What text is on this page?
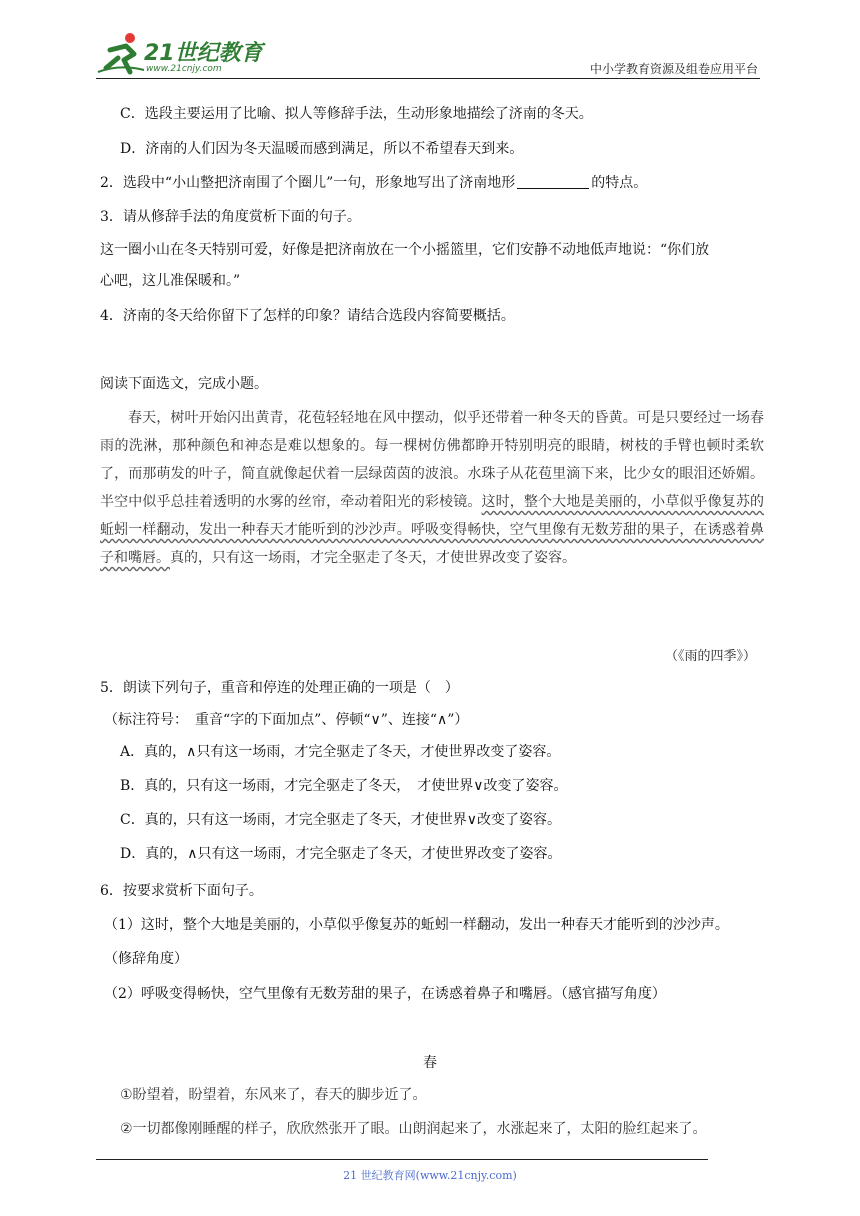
21世纪教育
www.21cnjy.com	中小学教育资源及组卷应用平台
C．选段主要运用了比喻、拟人等修辞手法，生动形象地描绘了济南的冬天。
D．济南的人们因为冬天温暖而感到满足，所以不希望春天到来。
2．选段中“小山整把济南围了个圈儿”一句，形象地写出了济南地形	的特点。
3．请从修辞手法的角度赏析下面的句子。
这一圈小山在冬天特别可爱，好像是把济南放在一个小摇篮里，它们安静不动地低声地说：“你们放
心吧，这儿准保暖和。”
4．济南的冬天给你留下了怎样的印象？请结合选段内容简要概括。
阅读下面选文，完成小题。

春天，树叶开始闪出黄青，花苞轻轻地在风中摆动，似乎还带着一种冬天的昏黄。可是只要经过一场春雨的洗淋，那种颜色和神态是难以想象的。每一棵树仿佛都睁开特别明亮的眼睛，树枝的手臂也顿时柔软了，而那萌发的叶子，简直就像起伏着一层绿茵茵的波浪。水珠子从花苞里滴下来，比少女的眼泪还娇媚。半空中似乎总挂着透明的水雾的丝帘，牵动着阳光的彩棱镜。这时，整个大地是美丽的，小草似乎像复苏的蚯蚓一样翻动，发出一种春天才能听到的沙沙声。呼吸变得畅快，空气里像有无数芳甜的果子，在诱惑着鼻子和嘴唇。真的，只有这一场雨，才完全驱走了冬天，才使世界改变了姿容。

（《雨的四季》）
5．朗读下列句子，重音和停连的处理正确的一项是（　）
（标注符号：　重音“字的下面加点”、停顿“∨”、连接“∧”）
A．真的，∧只有这一场雨，才完全驱走了冬天，才使世界改变了姿容。
B．真的，只有这一场雨，才完全驱走了冬天，　才使世界∨改变了姿容。
C．真的，只有这一场雨，才完全驱走了冬天，才使世界∨改变了姿容。
D．真的，∧只有这一场雨，才完全驱走了冬天，才使世界改变了姿容。
6．按要求赏析下面句子。
（1）这时，整个大地是美丽的，小草似乎像复苏的蚯蚓一样翻动，发出一种春天才能听到的沙沙声。
（修辞角度）
（2）呼吸变得畅快，空气里像有无数芳甜的果子，在诱惑着鼻子和嘴唇。（感官描写角度）
春
①盼望着，盼望着，东风来了，春天的脚步近了。
②一切都像刚睡醒的样子，欣欣然张开了眼。山朗润起来了，水涨起来了，太阳的脸红起来了。
21 世纪教育网(www.21cnjy.com)
